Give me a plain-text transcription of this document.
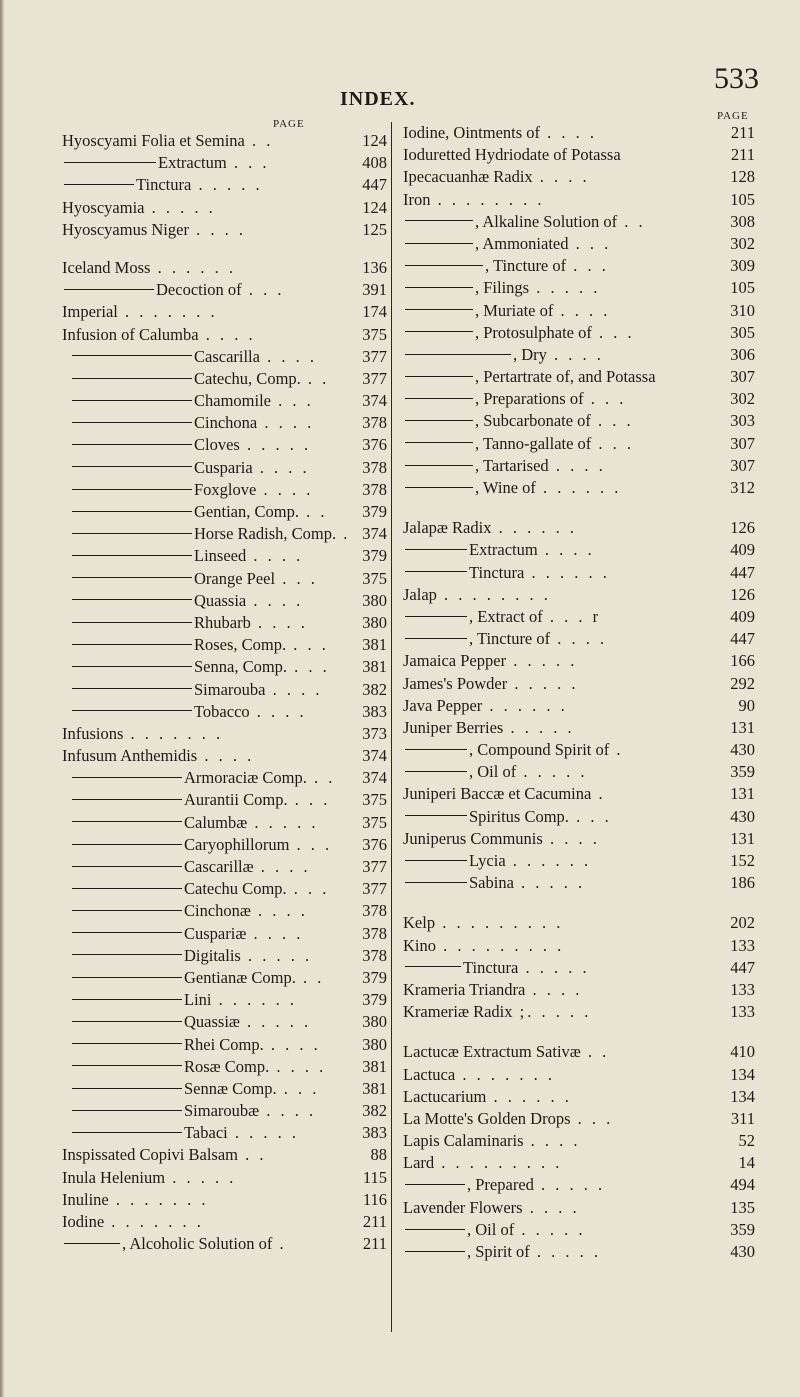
INDEX.
533
PAGE
PAGE
Hyoscyami Folia et Semina . .	124
Extractum . . .	408
Tinctura . . . . .	447
Hyoscyamia . . . . .	124
Hyoscyamus Niger . . . .	125
Iceland Moss . . . . . .	136
Decoction of . . .	391
Imperial . . . . . . .	174
Infusion of Calumba . . . .	375
Cascarilla . . . .	377
Catechu, Comp. . . 377
Chamomile . . .	374
Cinchona . . . .	378
Cloves . . . . .	376
Cusparia . . . .	378
Foxglove . . . .	378
Gentian, Comp. . . 379
Horse Radish, Comp. . 374
Linseed . . . .	379
Orange Peel . . .	375
Quassia . . . .	380
Rhubarb . . . .	380
Roses, Comp. . . . 381
Senna, Comp. . . . 381
Simarouba . . . . 382
Tobacco . . . .	383
Infusions . . . . . . .	373
Infusum Anthemidis . . . .	374
Armoraciæ Comp. . . 374
Aurantii Comp. . . . 375
Calumbæ . . . . .	375
Caryophillorum . . . 376
Cascarillæ . . . .	377
Catechu Comp. . . . 377
Cinchonæ . . . .	378
Cuspariæ . . . .	378
Digitalis . . . . .	378
Gentianæ Comp. . . 379
Lini . . . . . .	379
Quassiæ . . . . .	380
Rhei Comp. . . . .	380
Rosæ Comp. . . . . 381
Sennæ Comp. . . .	381
Simaroubæ . . . .	382
Tabaci . . . . .	383
Inspissated Copivi Balsam . .	88
Inula Helenium . . . . .	115
Inuline . . . . . . .	116
Iodine . . . . . . .	211
, Alcoholic Solution of .	211
Iodine, Ointments of . . . .	211
Ioduretted Hydriodate of Potassa	211
Ipecacuanhæ Radix . . . .	128
Iron . . . . . . . .	105
, Alkaline Solution of . .	308
, Ammoniated . . .	302
, Tincture of . . .	309
, Filings . . . . .	105
, Muriate of . . . .	310
, Protosulphate of . . .	305
, Dry . . . .	306
, Pertartrate of, and Potassa	307
, Preparations of . . .	302
, Subcarbonate of . . .	303
, Tanno-gallate of . . .	307
, Tartarised . . . .	307
, Wine of . . . . . .	312
Jalapæ Radix . . . . . .	126
Extractum . . . .	409
Tinctura . . . . . .	447
Jalap . . . . . . . .	126
, Extract of . . . r	409
, Tincture of . . . .	447
Jamaica Pepper . . . . .	166
James's Powder . . . . .	292
Java Pepper . . . . . .	90
Juniper Berries . . . . .	131
, Compound Spirit of .	430
, Oil of . . . . .	359
Juniperi Baccæ et Cacumina .	131
Spiritus Comp. . . .	430
Juniperus Communis . . . .	131
Lycia . . . . . .	152
Sabina . . . . .	186
Kelp . . . . . . . . .	202
Kino . . . . . . . . .	133
Tinctura . . . . .	447
Krameria Triandra . . . .	133
Krameriæ Radix ;. . . . .	133
Lactucæ Extractum Sativæ . .	410
Lactuca . . . . . . .	134
Lactucarium . . . . . .	134
La Motte's Golden Drops . . .	311
Lapis Calaminaris . . . .	52
Lard . . . . . . . . .	14
, Prepared . . . . .	494
Lavender Flowers . . . .	135
, Oil of . . . . .	359
, Spirit of . . . . .	430
